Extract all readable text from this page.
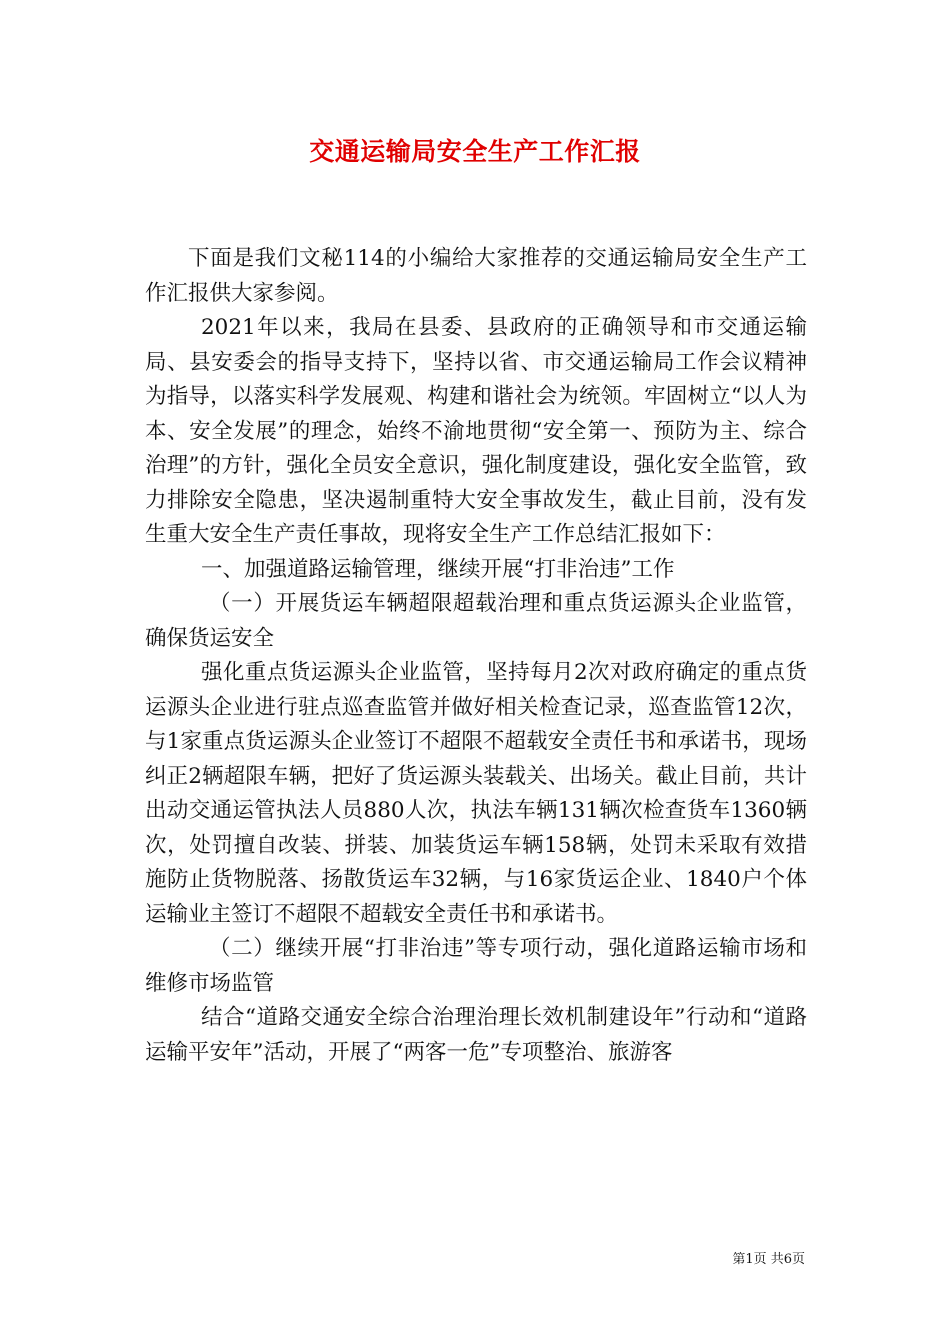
交通运输局安全生产工作汇报

下面是我们文秘114的小编给大家推荐的交通运输局安全生产工作汇报供大家参阅。

2021年以来，我局在县委、县政府的正确领导和市交通运输局、县安委会的指导支持下，坚持以省、市交通运输局工作会议精神为指导，以落实科学发展观、构建和谐社会为统领。牢固树立“以人为本、安全发展”的理念，始终不渝地贯彻“安全第一、预防为主、综合治理”的方针，强化全员安全意识，强化制度建设，强化安全监管，致力排除安全隐患，坚决遏制重特大安全事故发生，截止目前，没有发生重大安全生产责任事故，现将安全生产工作总结汇报如下：

一、加强道路运输管理，继续开展“打非治违”工作

（一）开展货运车辆超限超载治理和重点货运源头企业监管，确保货运安全

强化重点货运源头企业监管，坚持每月2次对政府确定的重点货运源头企业进行驻点巡查监管并做好相关检查记录，巡查监管12次，与1家重点货运源头企业签订不超限不超载安全责任书和承诺书，现场纠正2辆超限车辆，把好了货运源头装载关、出场关。截止目前，共计出动交通运管执法人员880人次，执法车辆131辆次检查货车1360辆次，处罚擅自改装、拼装、加装货运车辆158辆，处罚未采取有效措施防止货物脱落、扬散货运车32辆，与16家货运企业、1840户个体运输业主签订不超限不超载安全责任书和承诺书。

（二）继续开展“打非治违”等专项行动，强化道路运输市场和维修市场监管

结合“道路交通安全综合治理治理长效机制建设年”行动和“道路运输平安年”活动，开展了“两客一危”专项整治、旅游客

第1页 共6页
